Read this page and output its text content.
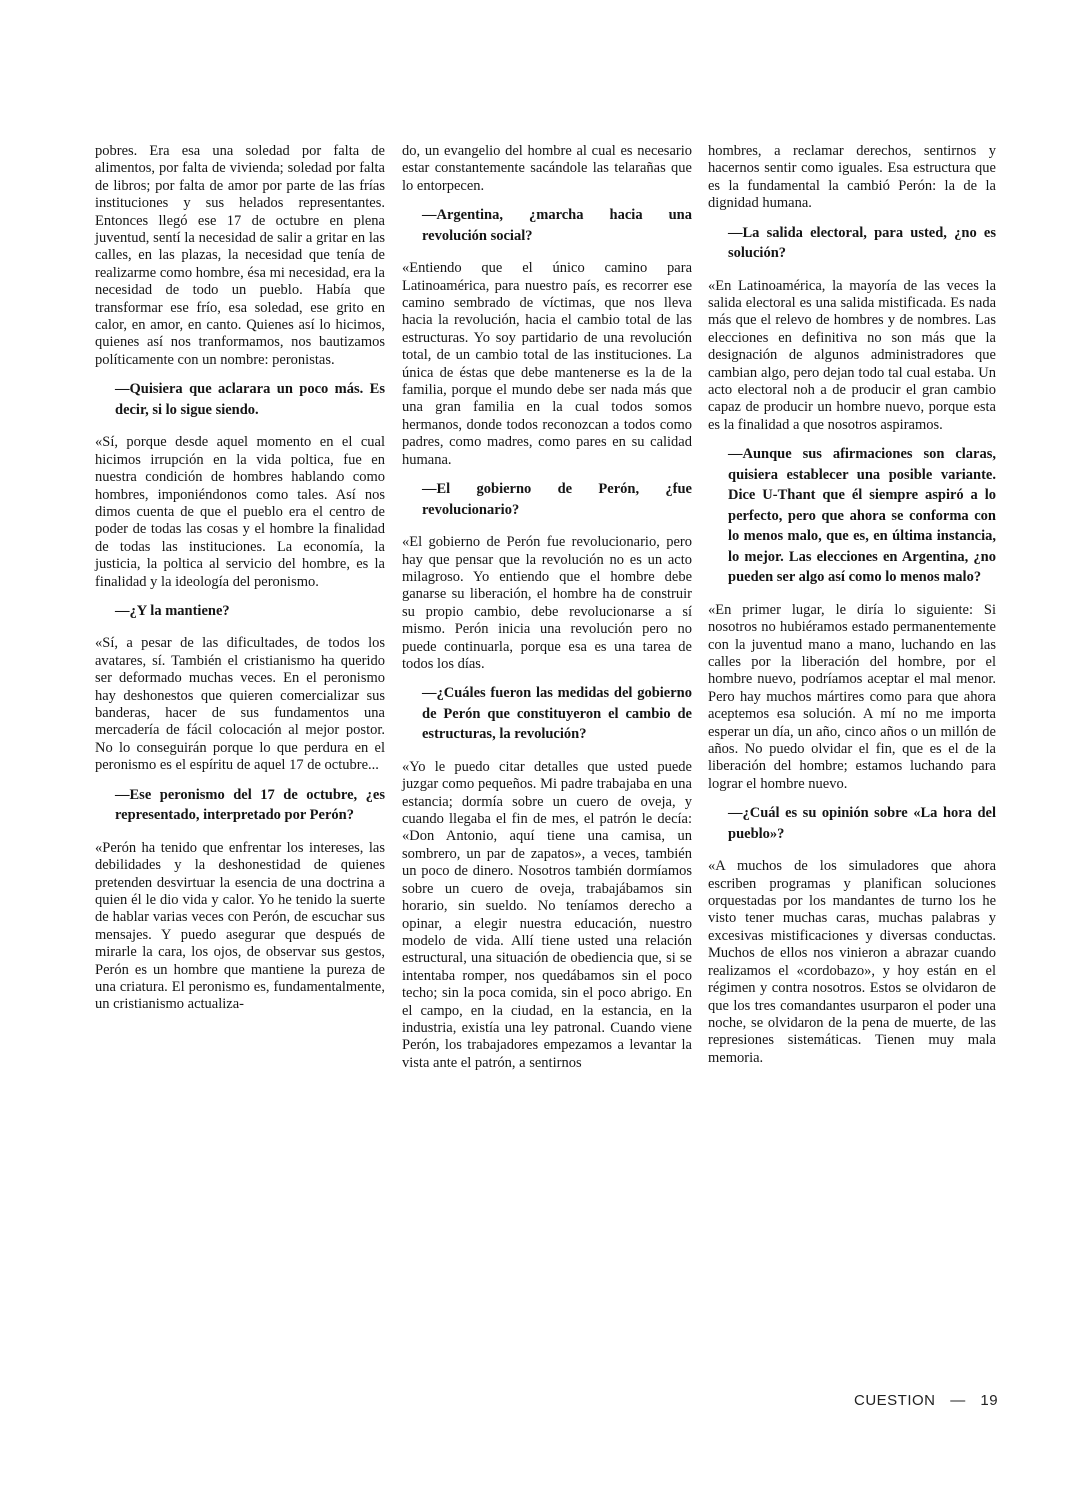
pobres. Era esa una soledad por falta de alimentos, por falta de vivienda; soledad por falta de libros; por falta de amor por parte de las frías instituciones y sus helados representantes. Entonces llegó ese 17 de octubre en plena juventud, sentí la necesidad de salir a gritar en las calles, en las plazas, la necesidad que tenía de realizarme como hombre, ésa mi necesidad, era la necesidad de todo un pueblo. Había que transformar ese frío, esa soledad, ese grito en calor, en amor, en canto. Quienes así lo hicimos, quienes así nos tranformamos, nos bautizamos políticamente con un nombre: peronistas.

—Quisiera que aclarara un poco más. Es decir, si lo sigue siendo.

«Sí, porque desde aquel momento en el cual hicimos irrupción en la vida poltica, fue en nuestra condición de hombres hablando como hombres, imponiéndonos como tales. Así nos dimos cuenta de que el pueblo era el centro de poder de todas las cosas y el hombre la finalidad de todas las instituciones. La economía, la justicia, la poltica al servicio del hombre, es la finalidad y la ideología del peronismo.

—¿Y la mantiene?

«Sí, a pesar de las dificultades, de todos los avatares, sí. También el cristianismo ha querido ser deformado muchas veces. En el peronismo hay deshonestos que quieren comercializar sus banderas, hacer de sus fundamentos una mercadería de fácil colocación al mejor postor. No lo conseguirán porque lo que perdura en el peronismo es el espíritu de aquel 17 de octubre...

—Ese peronismo del 17 de octubre, ¿es representado, interpretado por Perón?

«Perón ha tenido que enfrentar los intereses, las debilidades y la deshonestidad de quienes pretenden desvirtuar la esencia de una doctrina a quien él le dio vida y calor. Yo he tenido la suerte de hablar varias veces con Perón, de escuchar sus mensajes. Y puedo asegurar que después de mirarle la cara, los ojos, de observar sus gestos, Perón es un hombre que mantiene la pureza de una criatura. El peronismo es, fundamentalmente, un cristianismo actualiza-

do, un evangelio del hombre al cual es necesario estar constantemente sacándole las telarañas que lo entorpecen.

—Argentina, ¿marcha hacia una revolución social?

«Entiendo que el único camino para Latinoamérica, para nuestro país, es recorrer ese camino sembrado de víctimas, que nos lleva hacia la revolución, hacia el cambio total de las estructuras. Yo soy partidario de una revolución total, de un cambio total de las instituciones. La única de éstas que debe mantenerse es la de la familia, porque el mundo debe ser nada más que una gran familia en la cual todos somos hermanos, donde todos reconozcan a todos como padres, como madres, como pares en su calidad humana.

—El gobierno de Perón, ¿fue revolucionario?

«El gobierno de Perón fue revolucionario, pero hay que pensar que la revolución no es un acto milagroso. Yo entiendo que el hombre debe ganarse su liberación, el hombre ha de construir su propio cambio, debe revolucionarse a sí mismo. Perón inicia una revolución pero no puede continuarla, porque esa es una tarea de todos los días.

—¿Cuáles fueron las medidas del gobierno de Perón que constituyeron el cambio de estructuras, la revolución?

«Yo le puedo citar detalles que usted puede juzgar como pequeños. Mi padre trabajaba en una estancia; dormía sobre un cuero de oveja, y cuando llegaba el fin de mes, el patrón le decía: «Don Antonio, aquí tiene una camisa, un sombrero, un par de zapatos», a veces, también un poco de dinero. Nosotros también dormíamos sobre un cuero de oveja, trabajábamos sin horario, sin sueldo. No teníamos derecho a opinar, a elegir nuestra educación, nuestro modelo de vida. Allí tiene usted una relación estructural, una situación de obediencia que, si se intentaba romper, nos quedábamos sin el poco techo; sin la poca comida, sin el poco abrigo. En el campo, en la ciudad, en la estancia, en la industria, existía una ley patronal. Cuando viene Perón, los trabajadores empezamos a levantar la vista ante el patrón, a sentirnos

hombres, a reclamar derechos, sentirnos y hacernos sentir como iguales. Esa estructura que es la fundamental la cambió Perón: la de la dignidad humana.

—La salida electoral, para usted, ¿no es solución?

«En Latinoamérica, la mayoría de las veces la salida electoral es una salida mistificada. Es nada más que el relevo de hombres y de nombres. Las elecciones en definitiva no son más que la designación de algunos administradores que cambian algo, pero dejan todo tal cual estaba. Un acto electoral noh a de producir el gran cambio capaz de producir un hombre nuevo, porque esta es la finalidad a que nosotros aspiramos.

—Aunque sus afirmaciones son claras, quisiera establecer una posible variante. Dice U-Thant que él siempre aspiró a lo perfecto, pero que ahora se conforma con lo menos malo, que es, en última instancia, lo mejor. Las elecciones en Argentina, ¿no pueden ser algo así como lo menos malo?

«En primer lugar, le diría lo siguiente: Si nosotros no hubiéramos estado permanentemente con la juventud mano a mano, luchando en las calles por la liberación del hombre, por el hombre nuevo, podríamos aceptar el mal menor. Pero hay muchos mártires como para que ahora aceptemos esa solución. A mí no me importa esperar un día, un año, cinco años o un millón de años. No puedo olvidar el fin, que es el de la liberación del hombre; estamos luchando para lograr el hombre nuevo.

—¿Cuál es su opinión sobre «La hora del pueblo»?

«A muchos de los simuladores que ahora escriben programas y planifican soluciones orquestadas por los mandantes de turno los he visto tener muchas caras, muchas palabras y excesivas mistificaciones y diversas conductas. Muchos de ellos nos vinieron a abrazar cuando realizamos el «cordobazo», y hoy están en el régimen y contra nosotros. Estos se olvidaron de que los tres comandantes usurparon el poder una noche, se olvidaron de la pena de muerte, de las represiones sistemáticas. Tienen muy mala memoria.

CUESTION — 19
